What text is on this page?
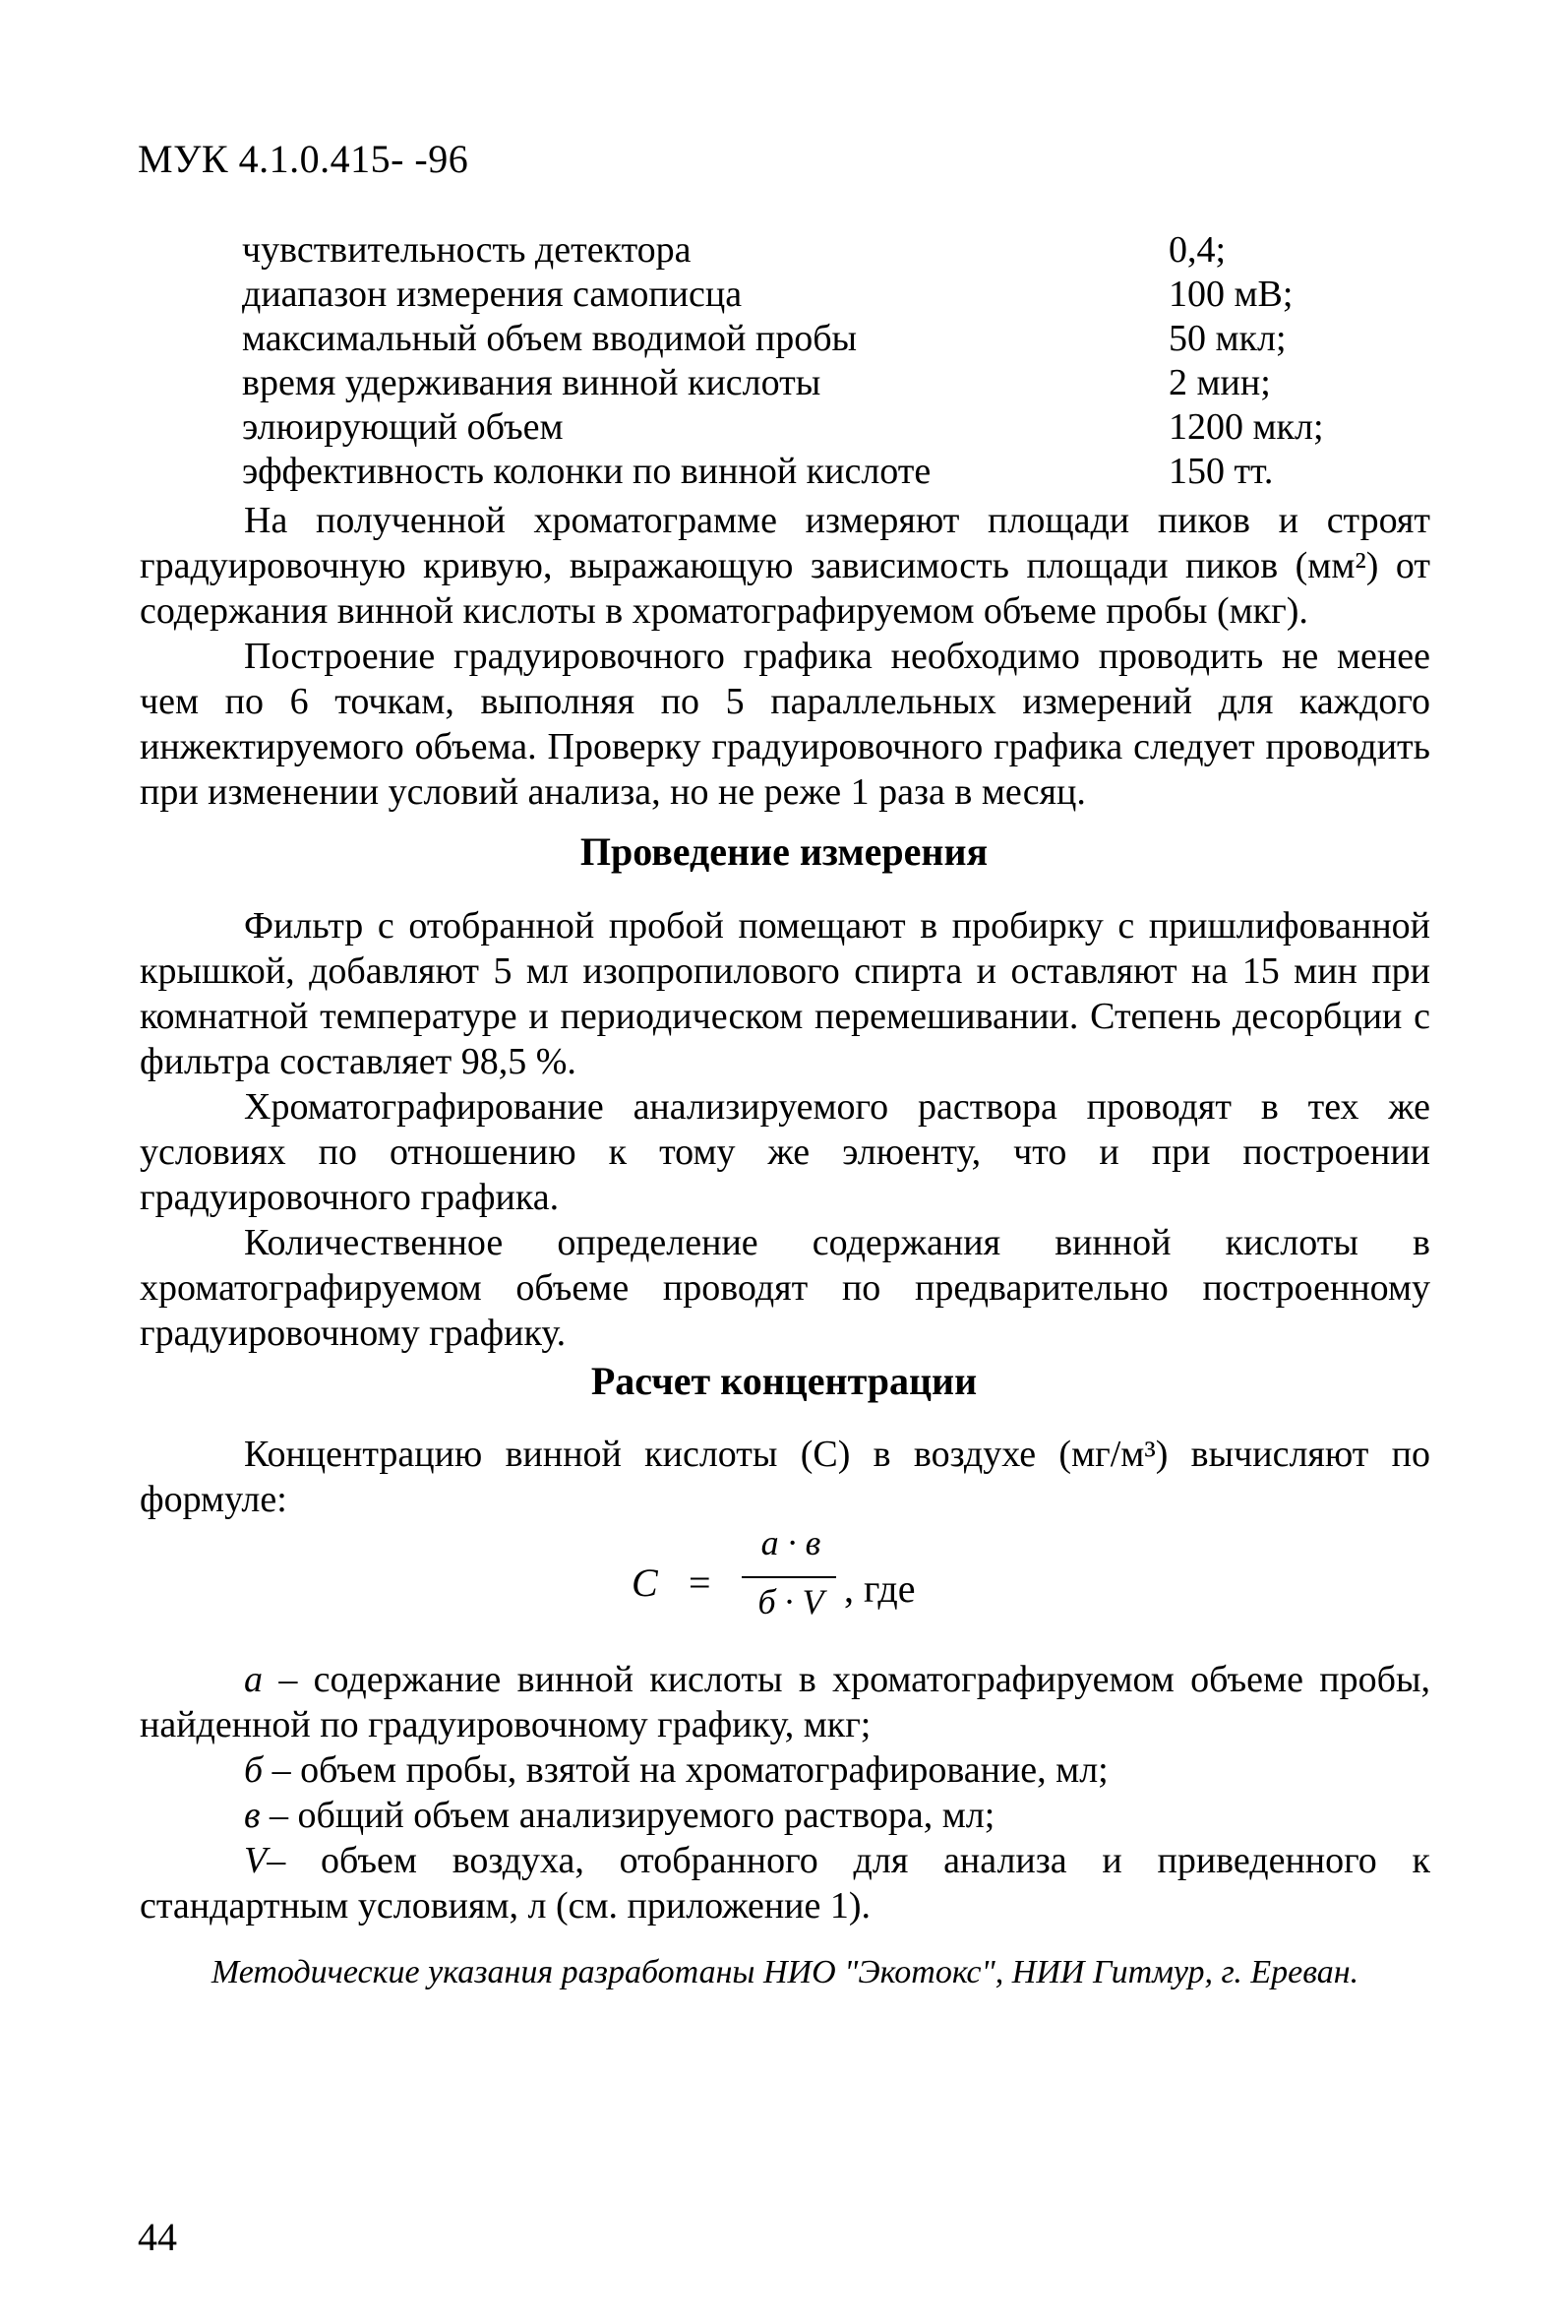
МУК 4.1.0.415- -96
чувствительность детектора	0,4;
диапазон измерения самописца	100 мВ;
максимальный объем вводимой пробы	50 мкл;
время удерживания винной кислоты	2 мин;
элюирующий объем	1200 мкл;
эффективность колонки по винной кислоте	150 тт.

На полученной хроматограмме измеряют площади пиков и строят градуировочную кривую, выражающую зависимость площади пиков (мм²) от содержания винной кислоты в хроматографируемом объеме пробы (мкг).

Построение градуировочного графика необходимо проводить не менее чем по 6 точкам, выполняя по 5 параллельных измерений для каждого инжектируемого объема. Проверку градуировочного графика следует проводить при изменении условий анализа, но не реже 1 раза в месяц.

Проведение измерения

Фильтр с отобранной пробой помещают в пробирку с пришлифованной крышкой, добавляют 5 мл изопропилового спирта и оставляют на 15 мин при комнатной температуре и периодическом перемешивании. Степень десорбции с фильтра составляет 98,5 %.

Хроматографирование анализируемого раствора проводят в тех же условиях по отношению к тому же элюенту, что и при построении градуировочного графика.

Количественное определение содержания винной кислоты в хроматографируемом объеме проводят по предварительно построенному градуировочному графику.

Расчет концентрации

Концентрацию винной кислоты (С) в воздухе (мг/м³) вычисляют по формуле:

С =
а · в
б · V , где

а – содержание винной кислоты в хроматографируемом объеме пробы, найденной по градуировочному графику, мкг;

б – объем пробы, взятой на хроматографирование, мл;

в – общий объем анализируемого раствора, мл;

V– объем воздуха, отобранного для анализа и приведенного к стандартным условиям, л (см. приложение 1).

Методические указания разработаны НИО "Экотокс", НИИ Гитмур, г. Ереван.
44
